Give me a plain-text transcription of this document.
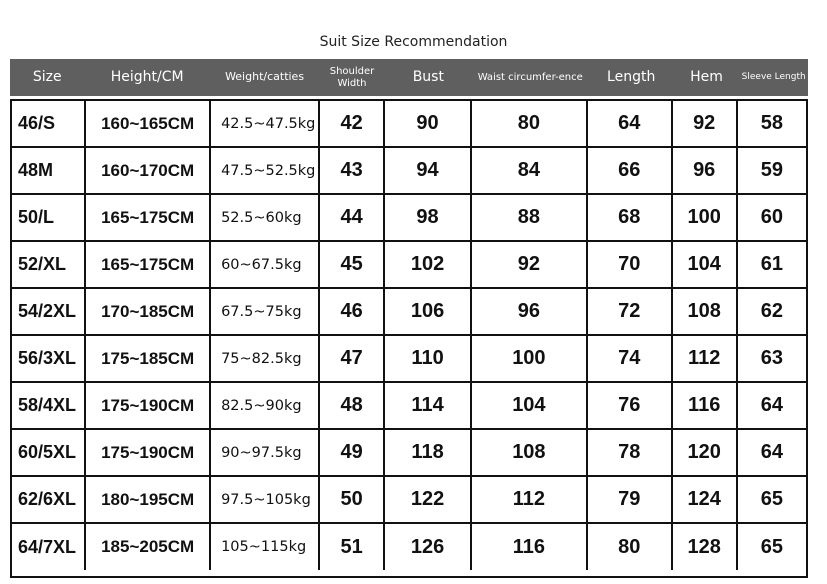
Suit Size Recommendation
Size	Height/CM	Weight/catties	Shoulder Width	Bust	Waist circumfer-ence	Length	Hem	Sleeve Length
46/S	160~165CM	42.5~47.5kg	42	90	80	64	92	58
48M	160~170CM	47.5~52.5kg	43	94	84	66	96	59
50/L	165~175CM	52.5~60kg	44	98	88	68	100	60
52/XL	165~175CM	60~67.5kg	45	102	92	70	104	61
54/2XL	170~185CM	67.5~75kg	46	106	96	72	108	62
56/3XL	175~185CM	75~82.5kg	47	110	100	74	112	63
58/4XL	175~190CM	82.5~90kg	48	114	104	76	116	64
60/5XL	175~190CM	90~97.5kg	49	118	108	78	120	64
62/6XL	180~195CM	97.5~105kg	50	122	112	79	124	65
64/7XL	185~205CM	105~115kg	51	126	116	80	128	65
